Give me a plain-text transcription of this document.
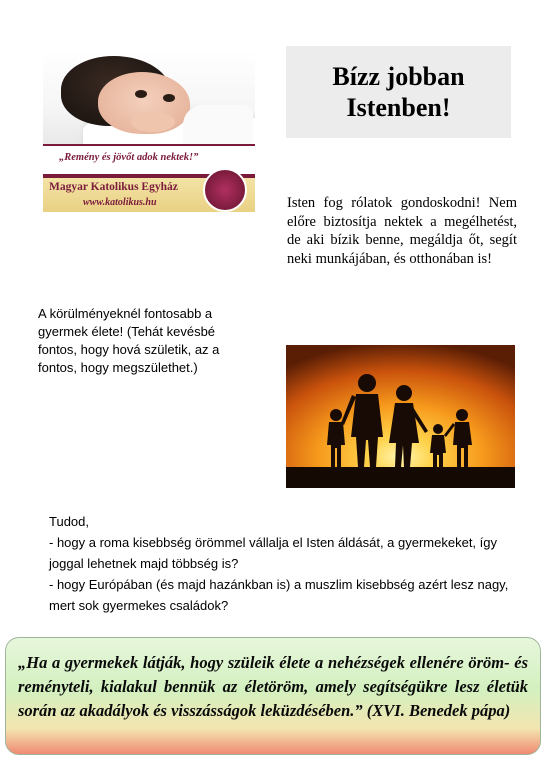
„Remény és jövőt adok nektek!”
Magyar Katolikus Egyház
www.katolikus.hu
Bízz jobban Istenben!
Isten fog rólatok gondoskodni! Nem előre biztosítja nektek a megélhetést, de aki bízik benne, megáldja őt, segít neki munkájában, és otthonában is!
A körülményeknél fontosabb a gyermek élete! (Tehát kevésbé fontos, hogy hová születik, az a fontos, hogy megszülethet.)

Tudod,

- hogy a roma kisebbség örömmel vállalja el Isten áldását, a gyermekeket, így joggal lehetnek majd többség is?

- hogy Európában (és majd hazánkban is) a muszlim kisebbség azért lesz nagy, mert sok gyermekes családok?

„Ha a gyermekek látják, hogy szüleik élete a nehézségek ellenére öröm- és reményteli, kialakul bennük az életöröm, amely segítségükre lesz életük során az akadályok és visszásságok leküzdésében.” (XVI. Benedek pápa)
